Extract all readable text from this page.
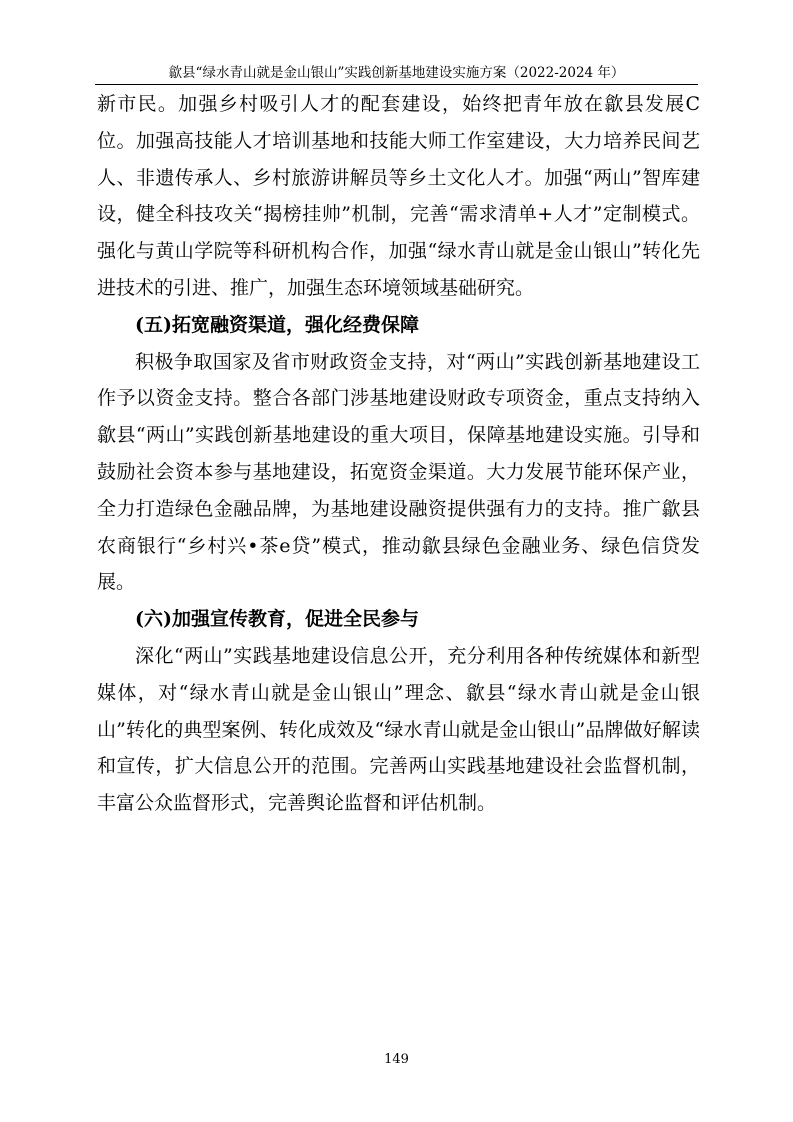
歙县“绿水青山就是金山银山”实践创新基地建设实施方案（2022-2024 年）

新市民。加强乡村吸引人才的配套建设，始终把青年放在歙县发展C位。加强高技能人才培训基地和技能大师工作室建设，大力培养民间艺人、非遗传承人、乡村旅游讲解员等乡土文化人才。加强“两山”智库建设，健全科技攻关“揭榜挂帅”机制，完善“需求清单+人才”定制模式。强化与黄山学院等科研机构合作，加强“绿水青山就是金山银山”转化先进技术的引进、推广，加强生态环境领域基础研究。

(五)拓宽融资渠道，强化经费保障

积极争取国家及省市财政资金支持，对“两山”实践创新基地建设工作予以资金支持。整合各部门涉基地建设财政专项资金，重点支持纳入歙县“两山”实践创新基地建设的重大项目，保障基地建设实施。引导和鼓励社会资本参与基地建设，拓宽资金渠道。大力发展节能环保产业，全力打造绿色金融品牌，为基地建设融资提供强有力的支持。推广歙县农商银行“乡村兴•茶e贷”模式，推动歙县绿色金融业务、绿色信贷发展。

(六)加强宣传教育，促进全民参与

深化“两山”实践基地建设信息公开，充分利用各种传统媒体和新型媒体，对“绿水青山就是金山银山”理念、歙县“绿水青山就是金山银山”转化的典型案例、转化成效及“绿水青山就是金山银山”品牌做好解读和宣传，扩大信息公开的范围。完善两山实践基地建设社会监督机制，丰富公众监督形式，完善舆论监督和评估机制。

149
